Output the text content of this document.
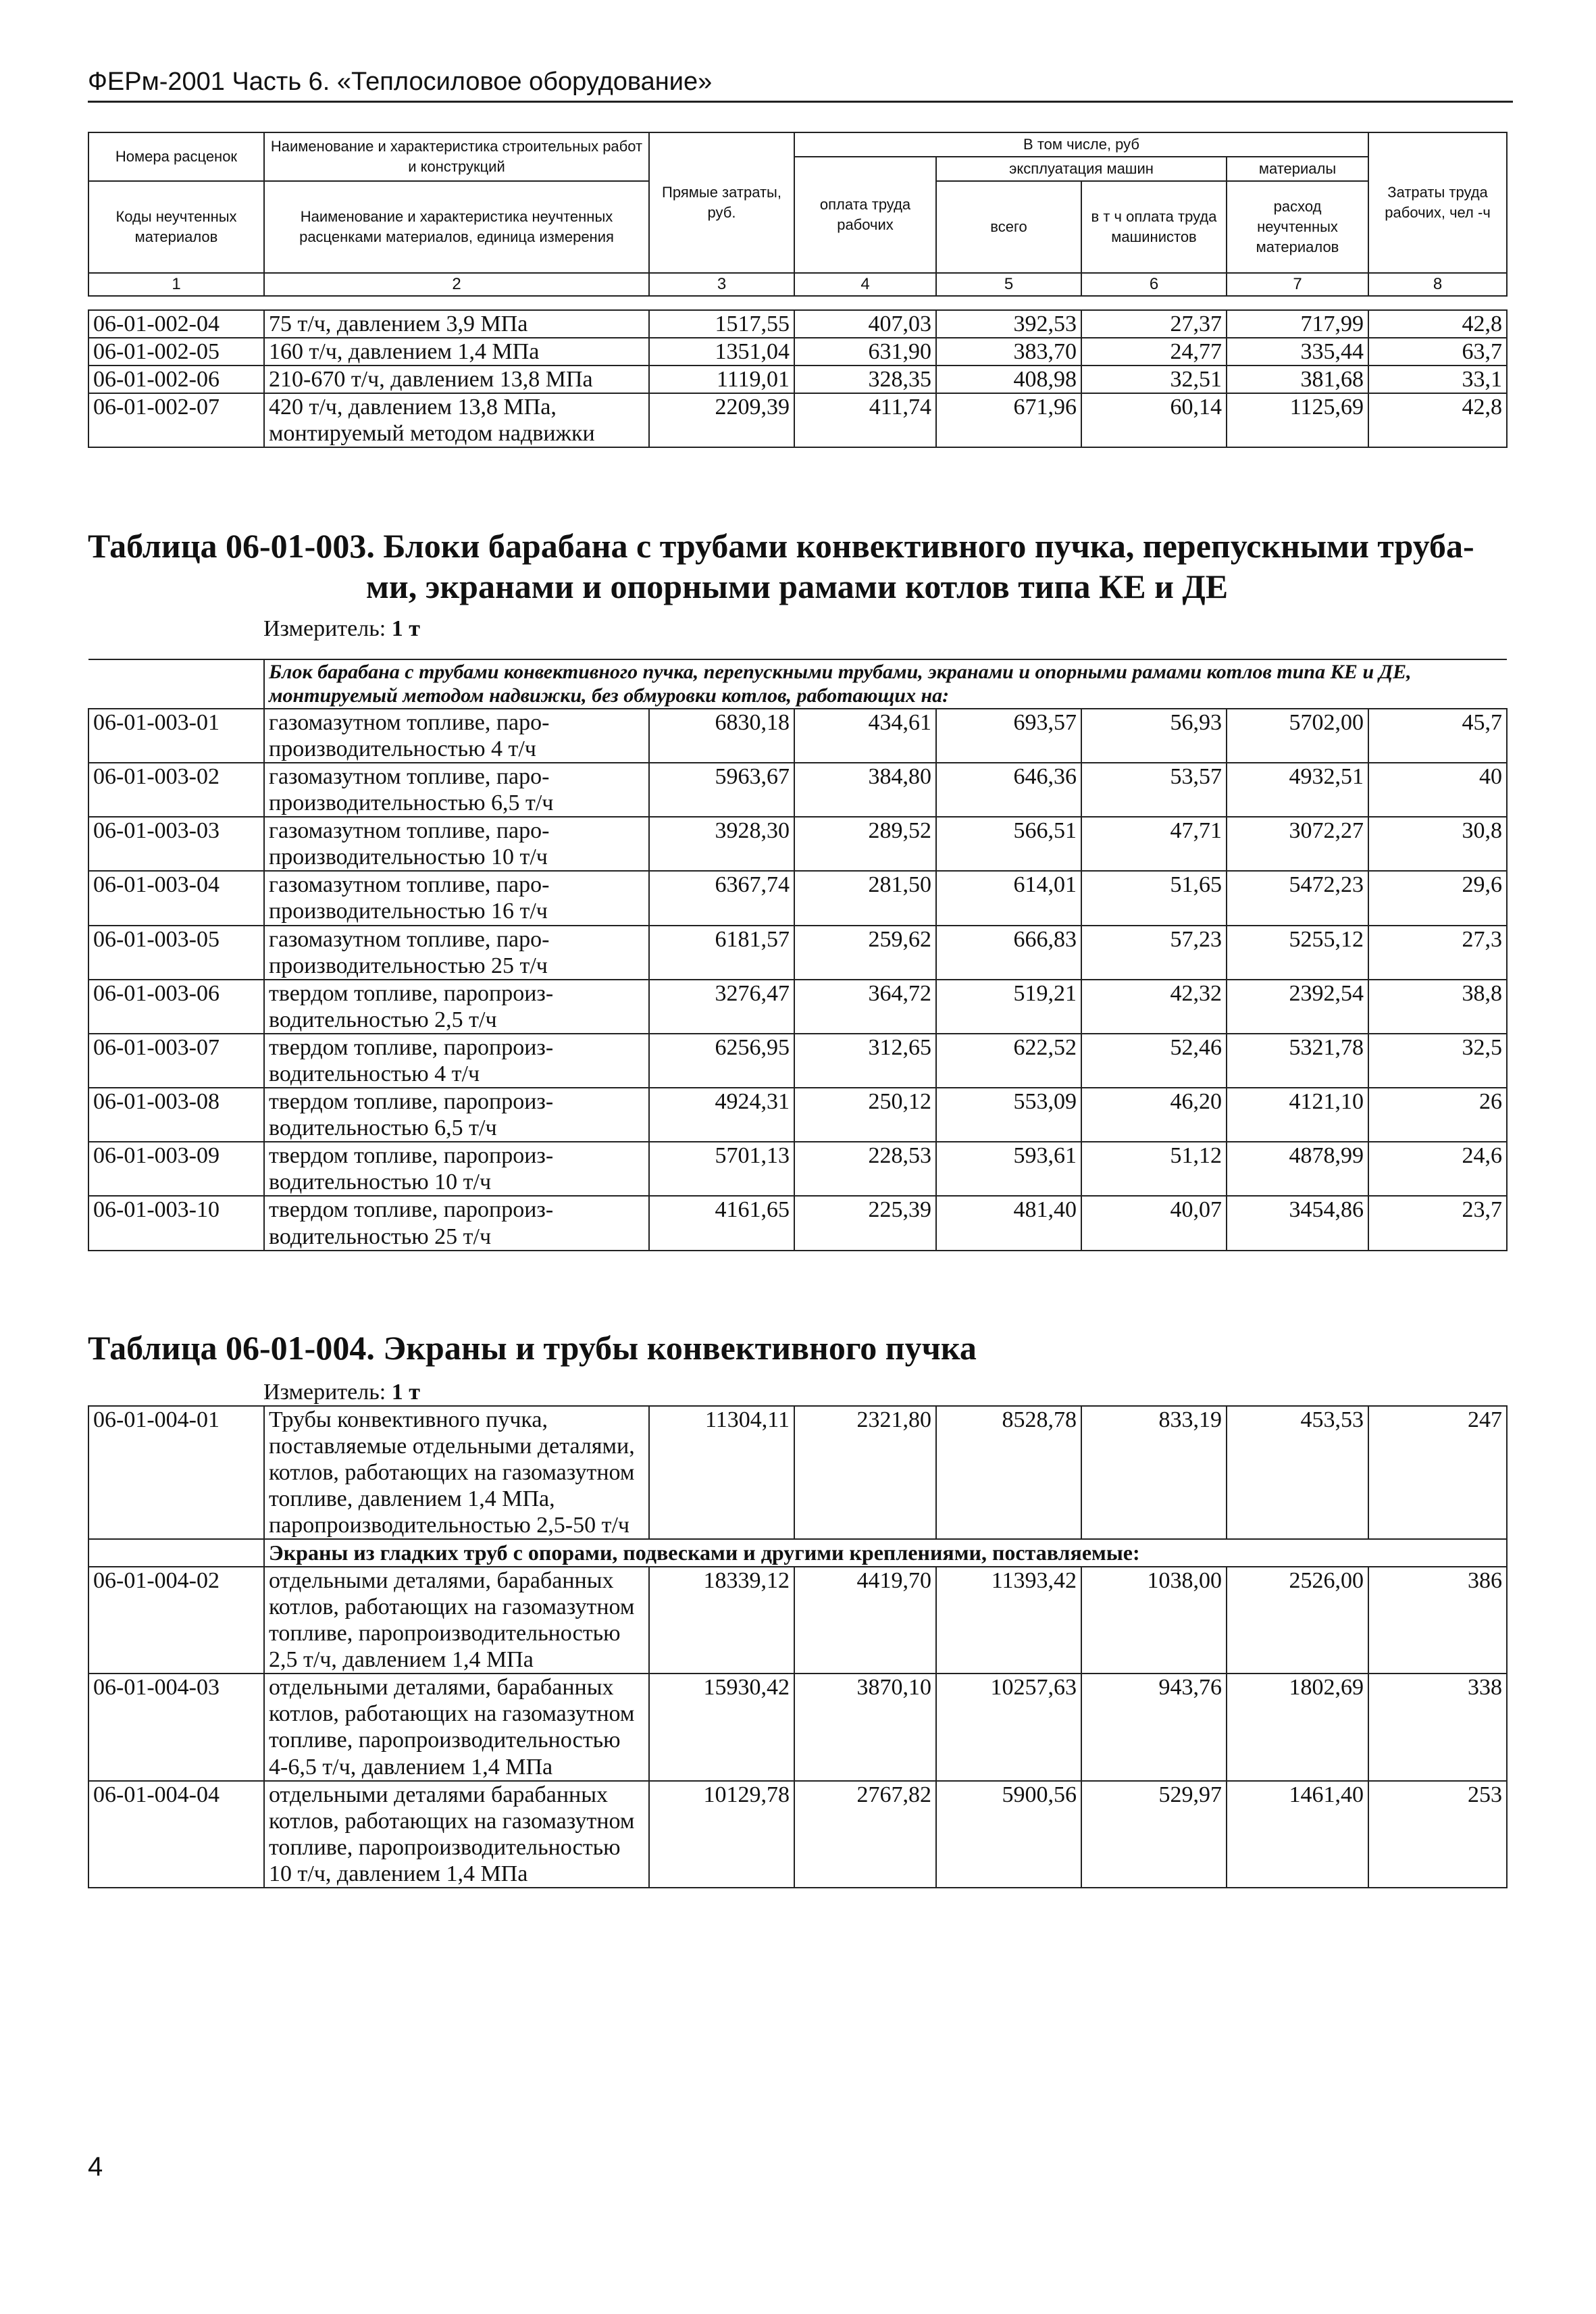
ФЕРм-2001 Часть 6. «Теплосиловое оборудование»
Номера расценок	Наименование и характеристика строительных работ и конструкций	Прямые затраты, руб.	В том числе, руб				Затраты труда рабочих, чел -ч
			оплата труда рабочих	эксплуатация машин		материалы	
Коды неучтенных материалов	Наименование и характеристика неучтенных расценками материалов, единица измерения			всего	в т ч оплата труда машинистов	расход неучтенных материалов	

1	2	3	4	5	6	7	8
06-01-002-04	75 т/ч, давлением 3,9 МПа	1517,55	407,03	392,53	27,37	717,99	42,8
06-01-002-05	160 т/ч, давлением 1,4 МПа	1351,04	631,90	383,70	24,77	335,44	63,7
06-01-002-06	210-670 т/ч, давлением 13,8 МПа	1119,01	328,35	408,98	32,51	381,68	33,1
06-01-002-07	420 т/ч, давлением 13,8 МПа, монтируемый методом надвижки	2209,39	411,74	671,96	60,14	1125,69	42,8
Таблица 06-01-003. Блоки барабана с трубами конвективного пучка, перепускными труба-
ми, экранами и опорными рамами котлов типа КЕ и ДЕ
Измеритель: 1 т
	Блок барабана с трубами конвективного пучка, перепускными трубами, экранами и опорными рамами котлов типа КЕ и ДЕ, монтируемый методом надвижки, без обмуровки котлов, работающих на:						
06-01-003-01	газомазутном топливе, паро-производительностью 4 т/ч	6830,18	434,61	693,57	56,93	5702,00	45,7
06-01-003-02	газомазутном топливе, паро-производительностью 6,5 т/ч	5963,67	384,80	646,36	53,57	4932,51	40
06-01-003-03	газомазутном топливе, паро-производительностью 10 т/ч	3928,30	289,52	566,51	47,71	3072,27	30,8
06-01-003-04	газомазутном топливе, паро-производительностью 16 т/ч	6367,74	281,50	614,01	51,65	5472,23	29,6
06-01-003-05	газомазутном топливе, паро-производительностью 25 т/ч	6181,57	259,62	666,83	57,23	5255,12	27,3
06-01-003-06	твердом топливе, паропроиз-водительностью 2,5 т/ч	3276,47	364,72	519,21	42,32	2392,54	38,8
06-01-003-07	твердом топливе, паропроиз-водительностью 4 т/ч	6256,95	312,65	622,52	52,46	5321,78	32,5
06-01-003-08	твердом топливе, паропроиз-водительностью 6,5 т/ч	4924,31	250,12	553,09	46,20	4121,10	26
06-01-003-09	твердом топливе, паропроиз-водительностью 10 т/ч	5701,13	228,53	593,61	51,12	4878,99	24,6
06-01-003-10	твердом топливе, паропроиз-водительностью 25 т/ч	4161,65	225,39	481,40	40,07	3454,86	23,7
Таблица 06-01-004. Экраны и трубы конвективного пучка
Измеритель: 1 т
06-01-004-01	Трубы конвективного пучка, поставляемые отдельными деталями, котлов, работающих на газомазутном топливе, давлением 1,4 МПа, паропроизводительностью 2,5-50 т/ч	11304,11	2321,80	8528,78	833,19	453,53	247
	Экраны из гладких труб с опорами, подвесками и другими креплениями, поставляемые:						
06-01-004-02	отдельными деталями, барабанных котлов, работающих на газомазутном топливе, паропроизводительностью 2,5 т/ч, давлением 1,4 МПа	18339,12	4419,70	11393,42	1038,00	2526,00	386
06-01-004-03	отдельными деталями, барабанных котлов, работающих на газомазутном топливе, паропроизводительностью 4-6,5 т/ч, давлением 1,4 МПа	15930,42	3870,10	10257,63	943,76	1802,69	338
06-01-004-04	отдельными деталями барабанных котлов, работающих на газомазутном топливе, паропроизводительностью 10 т/ч, давлением 1,4 МПа	10129,78	2767,82	5900,56	529,97	1461,40	253
4
